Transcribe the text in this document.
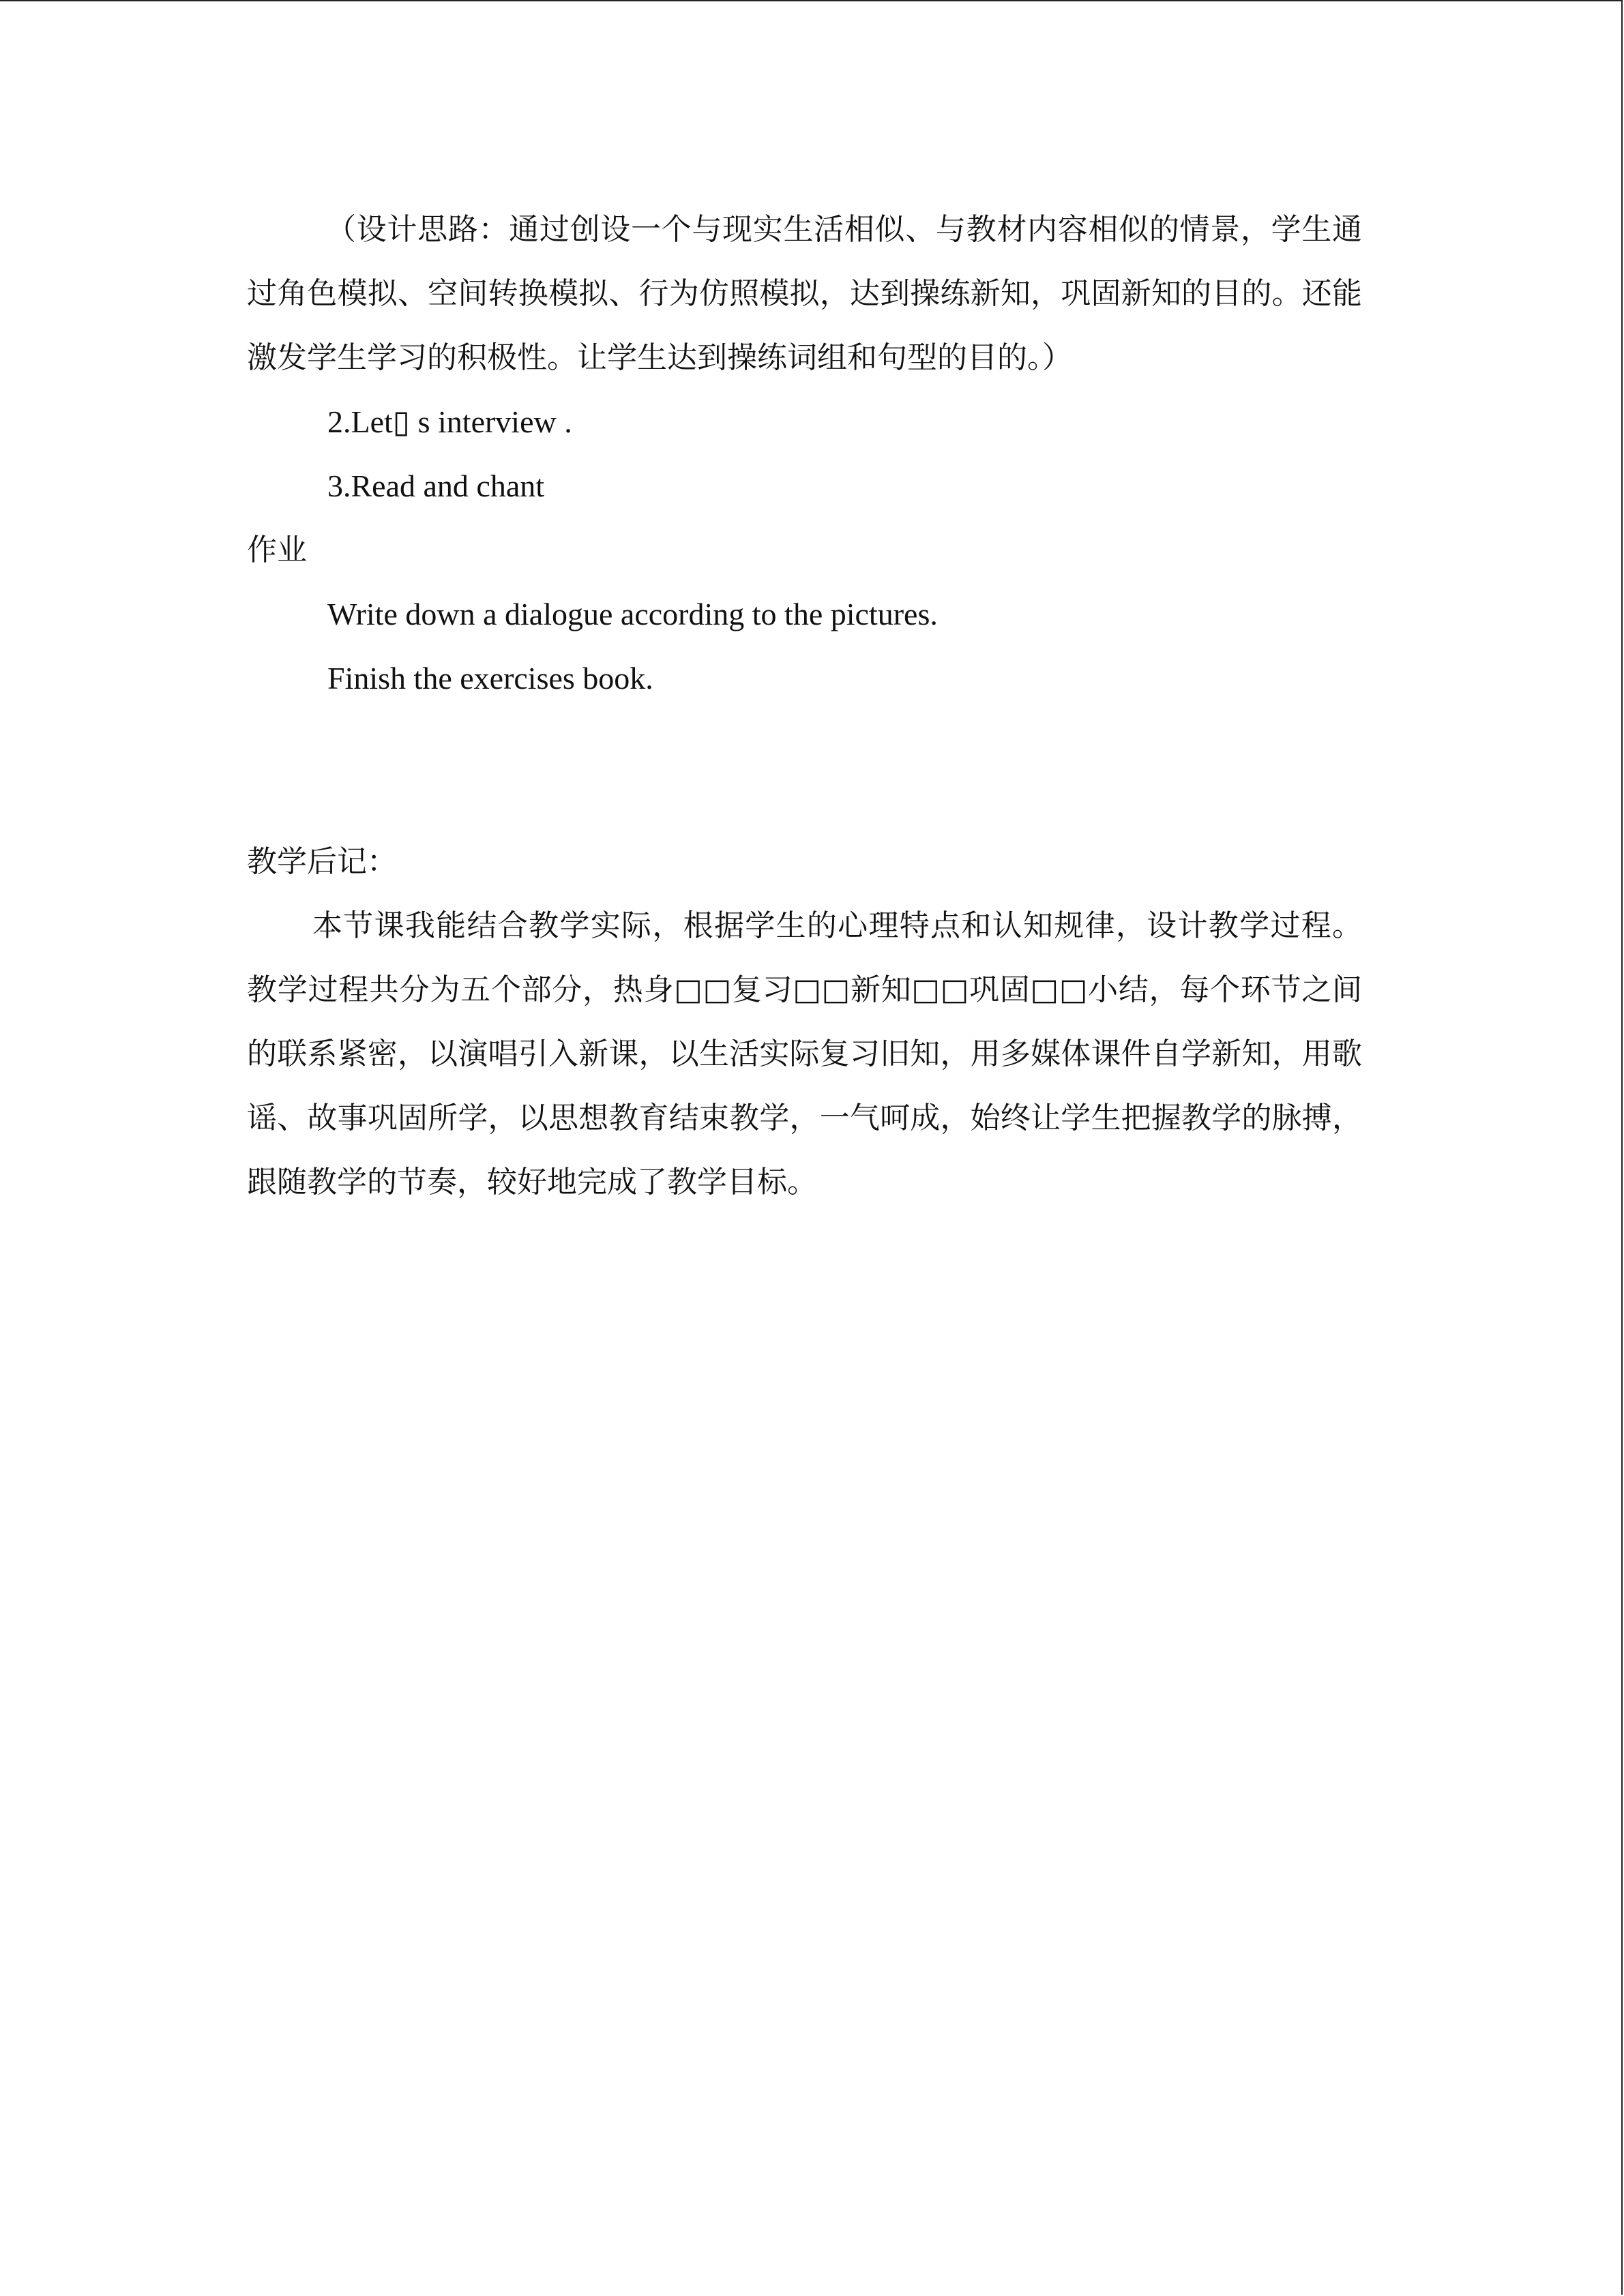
（设计思路：通过创设一个与现实生活相似、与教材内容相似的情景，学生通过角色模拟、空间转换模拟、行为仿照模拟，达到操练新知，巩固新知的目的。还能激发学生学习的积极性。让学生达到操练词组和句型的目的。）

2.Let▯ s interview .

3.Read and chant

作业

Write down a dialogue according to the pictures.

Finish the exercises book.

教学后记：

本节课我能结合教学实际，根据学生的心理特点和认知规律，设计教学过程。教学过程共分为五个部分，热身□□复习□□新知□□巩固□□小结，每个环节之间的联系紧密，以演唱引入新课，以生活实际复习旧知，用多媒体课件自学新知，用歌谣、故事巩固所学，以思想教育结束教学，一气呵成，始终让学生把握教学的脉搏，跟随教学的节奏，较好地完成了教学目标。
